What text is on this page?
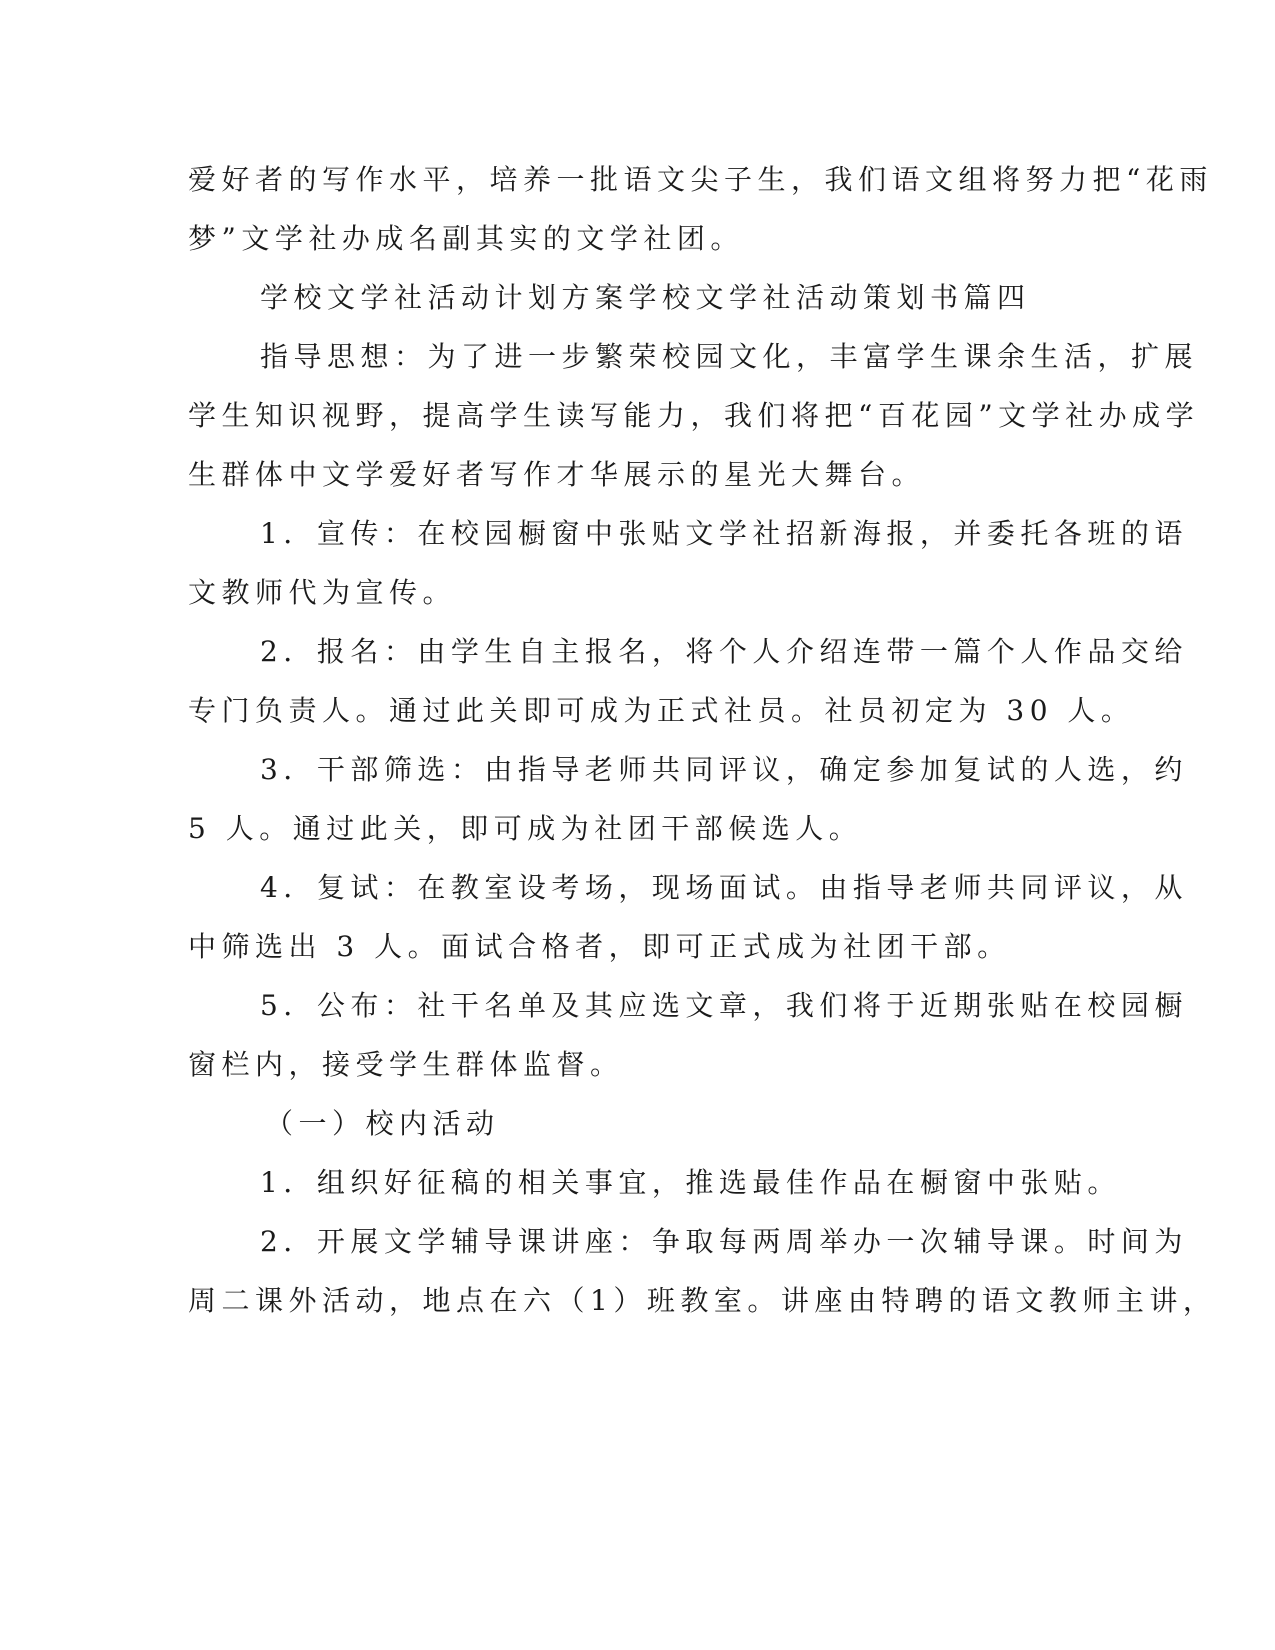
爱好者的写作水平，培养一批语文尖子生，我们语文组将努力把“花雨
梦”文学社办成名副其实的文学社团。
学校文学社活动计划方案学校文学社活动策划书篇四
指导思想：为了进一步繁荣校园文化，丰富学生课余生活，扩展
学生知识视野，提高学生读写能力，我们将把“百花园”文学社办成学
生群体中文学爱好者写作才华展示的星光大舞台。
1．宣传：在校园橱窗中张贴文学社招新海报，并委托各班的语
文教师代为宣传。
2．报名：由学生自主报名，将个人介绍连带一篇个人作品交给
专门负责人。通过此关即可成为正式社员。社员初定为 30 人。
3．干部筛选：由指导老师共同评议，确定参加复试的人选，约
5 人。通过此关，即可成为社团干部候选人。
4．复试：在教室设考场，现场面试。由指导老师共同评议，从
中筛选出 3 人。面试合格者，即可正式成为社团干部。
5．公布：社干名单及其应选文章，我们将于近期张贴在校园橱
窗栏内，接受学生群体监督。
（一）校内活动
1．组织好征稿的相关事宜，推选最佳作品在橱窗中张贴。
2．开展文学辅导课讲座：争取每两周举办一次辅导课。时间为
周二课外活动，地点在六（1）班教室。讲座由特聘的语文教师主讲，
